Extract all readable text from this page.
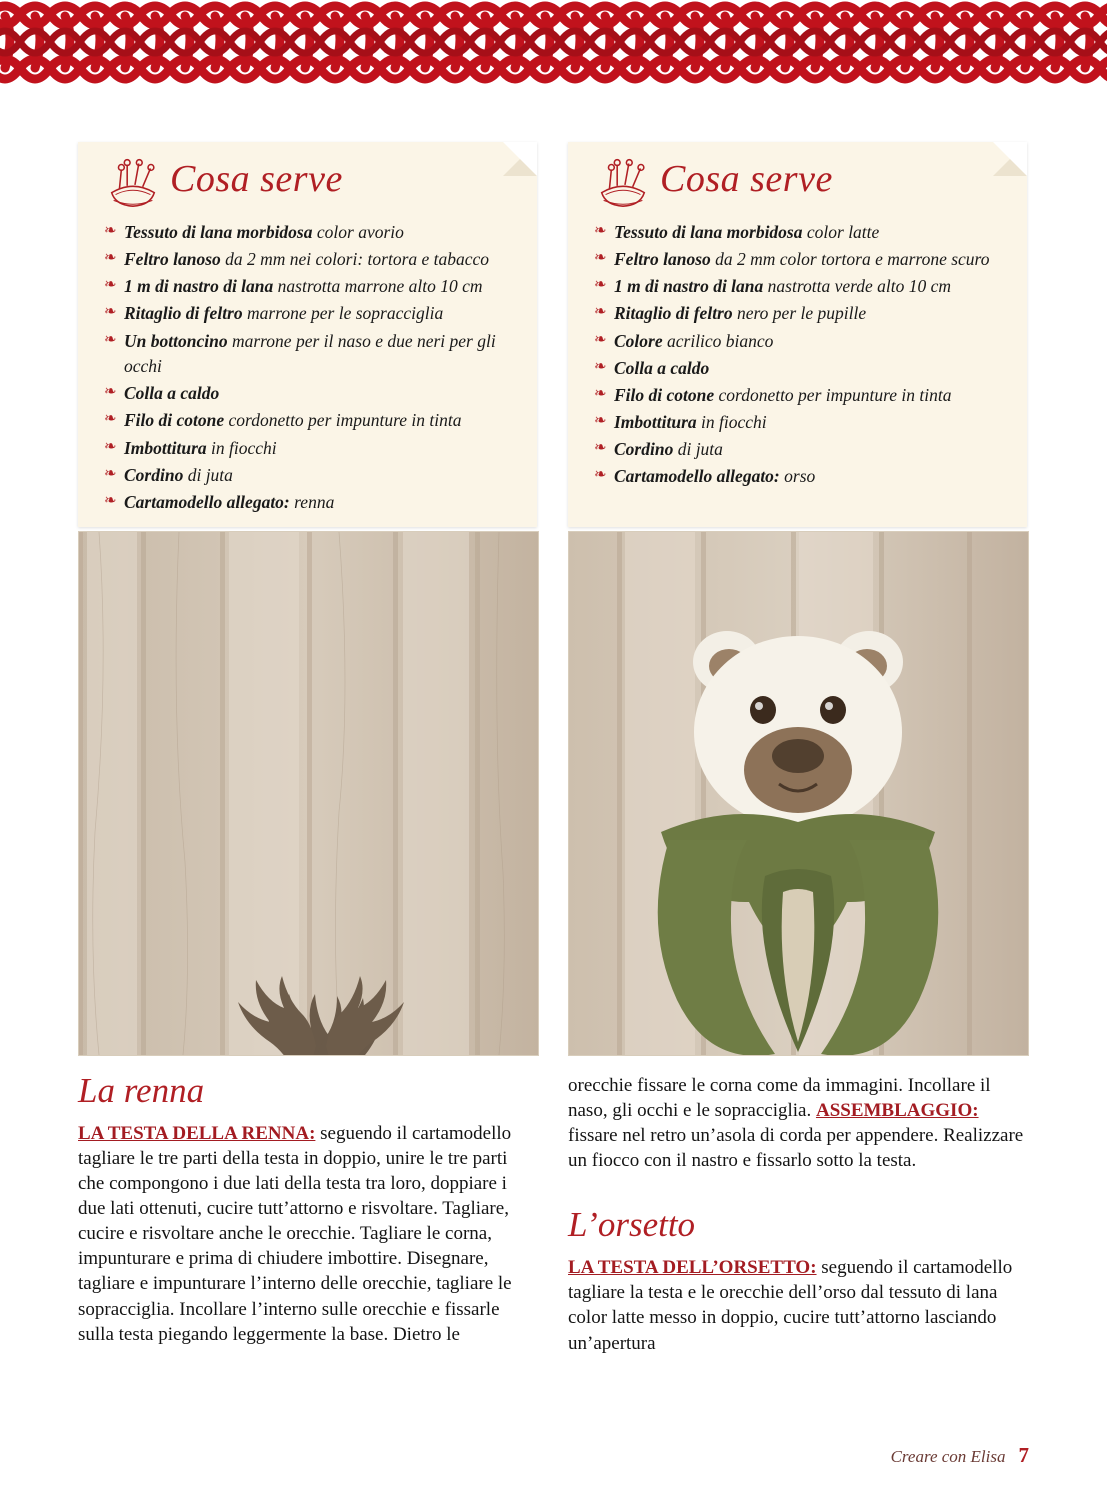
Cosa serve
❧ Tessuto di lana morbidosa color avorio
❧ Feltro lanoso da 2 mm nei colori: tortora e tabacco
❧ 1 m di nastro di lana nastrotta marrone alto 10 cm
❧ Ritaglio di feltro marrone per le sopracciglia
❧ Un bottoncino marrone per il naso e due neri per gli occhi
❧ Colla a caldo
❧ Filo di cotone cordonetto per impunture in tinta
❧ Imbottitura in fiocchi
❧ Cordino di juta
❧ Cartamodello allegato: renna
Cosa serve
❧ Tessuto di lana morbidosa color latte
❧ Feltro lanoso da 2 mm color tortora e marrone scuro
❧ 1 m di nastro di lana nastrotta verde alto 10 cm
❧ Ritaglio di feltro nero per le pupille
❧ Colore acrilico bianco
❧ Colla a caldo
❧ Filo di cotone cordonetto per impunture in tinta
❧ Imbottitura in fiocchi
❧ Cordino di juta
❧ Cartamodello allegato: orso
La renna

LA TESTA DELLA RENNA: seguendo il cartamodello tagliare le tre parti della testa in doppio, unire le tre parti che compongono i due lati della testa tra loro, doppiare i due lati ottenuti, cucire tutt’attorno e risvoltare. Tagliare, cucire e risvoltare anche le orecchie. Tagliare le corna, impunturare e prima di chiudere imbottire. Disegnare, tagliare e impunturare l’interno delle orecchie, tagliare le sopracciglia. Incollare l’interno sulle orecchie e fissarle sulla testa piegando leggermente la base. Dietro le

orecchie fissare le corna come da immagini. Incollare il naso, gli occhi e le sopracciglia. ASSEMBLAGGIO: fissare nel retro un’asola di corda per appendere. Realizzare un fiocco con il nastro e fissarlo sotto la testa.

L’orsetto

LA TESTA DELL’ORSETTO: seguendo il cartamodello tagliare la testa e le orecchie dell’orso dal tessuto di lana color latte messo in doppio, cucire tutt’attorno lasciando un’apertura

Creare con Elisa 7
